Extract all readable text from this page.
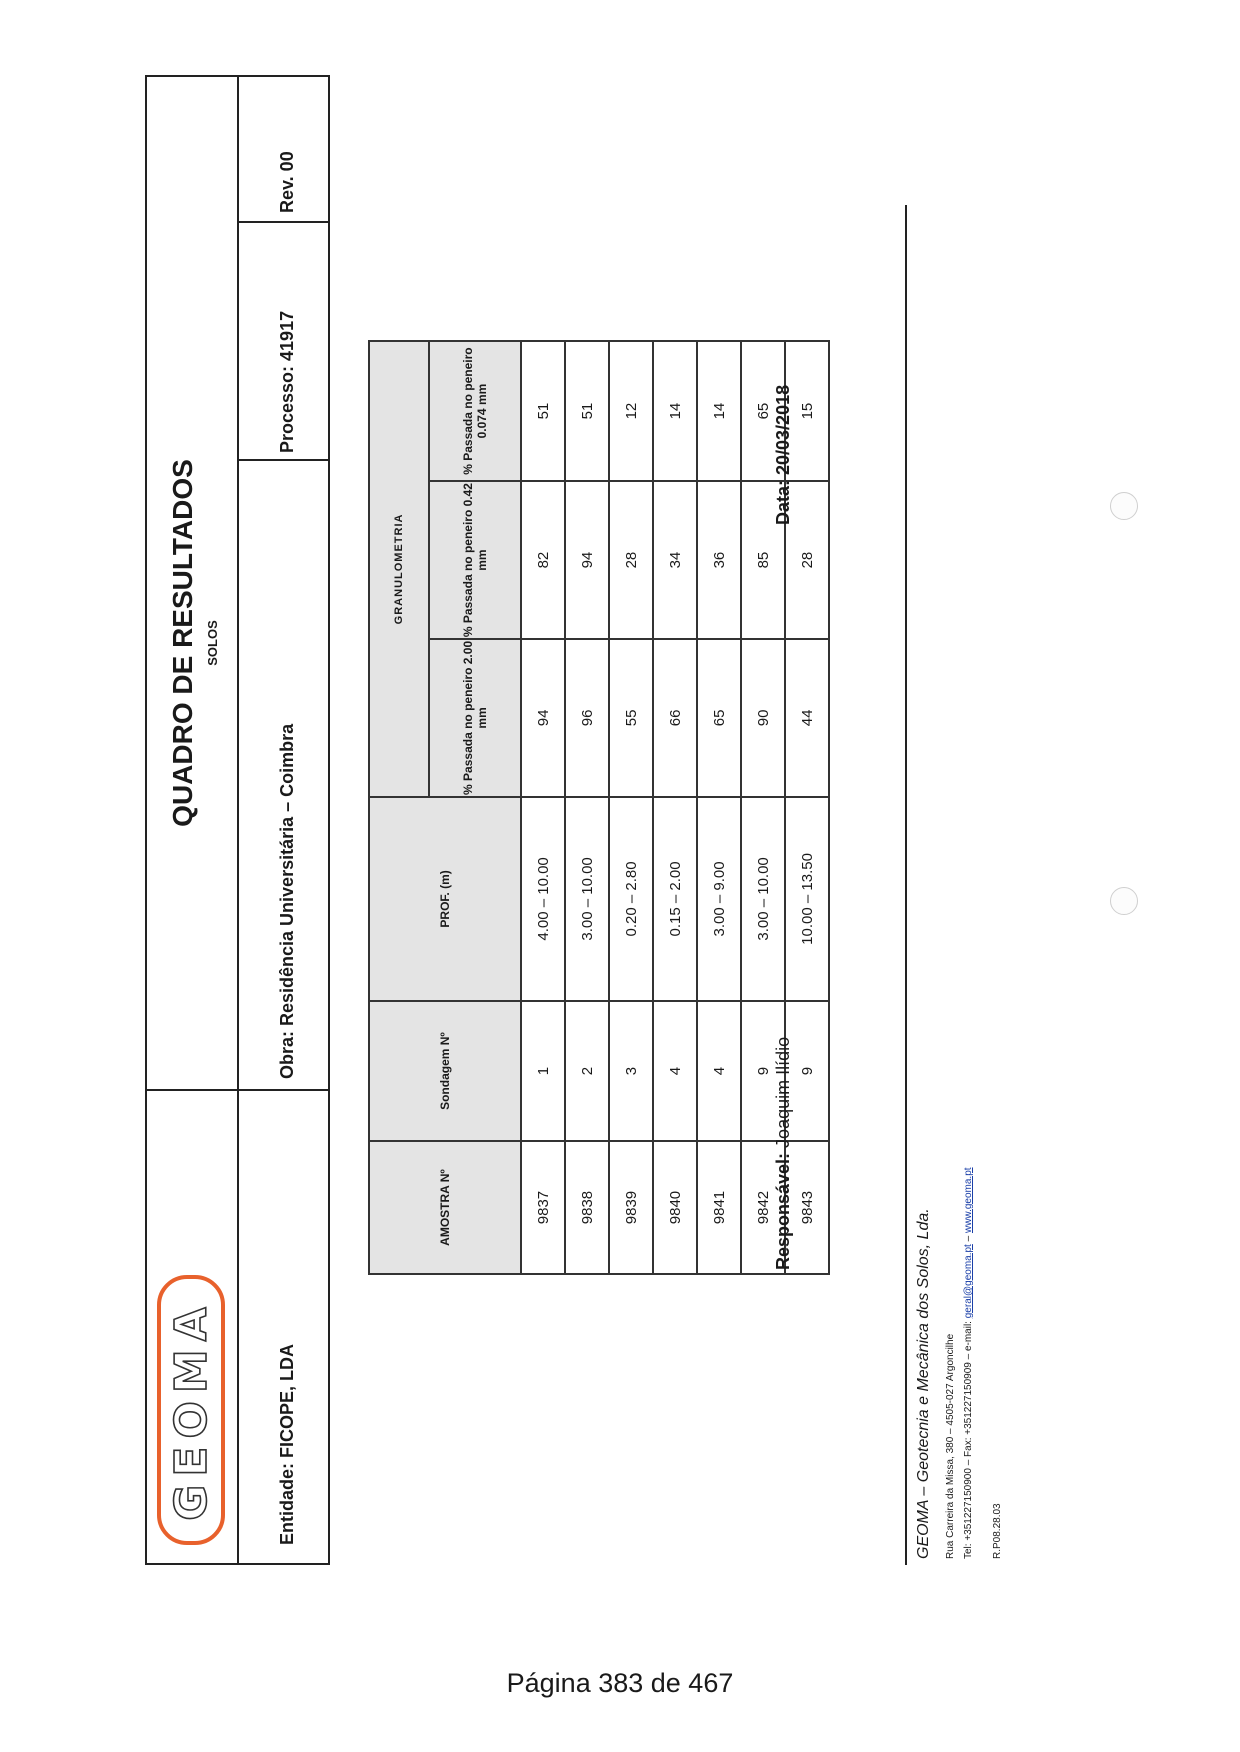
GEOMA
QUADRO DE RESULTADOS SOLOS
Entidade: FICOPE, LDA
Obra: Residência Universitária – Coimbra
Processo: 41917
Rev. 00
AMOSTRA Nº	Sondagem Nº	PROF. (m)	GRANULOMETRIA		
			% Passada no peneiro 2.00 mm	% Passada no peneiro 0.42 mm	% Passada no peneiro 0.074 mm
9837	1	4.00 – 10.00	94	82	51
9838	2	3.00 – 10.00	96	94	51
9839	3	0.20 – 2.80	55	28	12
9840	4	0.15 – 2.00	66	34	14
9841	4	3.00 – 9.00	65	36	14
9842	9	3.00 – 10.00	90	85	65
9843	9	10.00 – 13.50	44	28	15
Responsável: Joaquim Ilídio
Data: 20/03/2018
GEOMA – Geotecnia e Mecânica dos Solos, Lda. Rua Carreira da Missa, 380 – 4505-027 Argoncilhe Tel: +351227150900 – Fax: +351227150909 – e-mail: geral@geoma.pt – www.geoma.pt
R.P08.28.03
Página 383 de 467
